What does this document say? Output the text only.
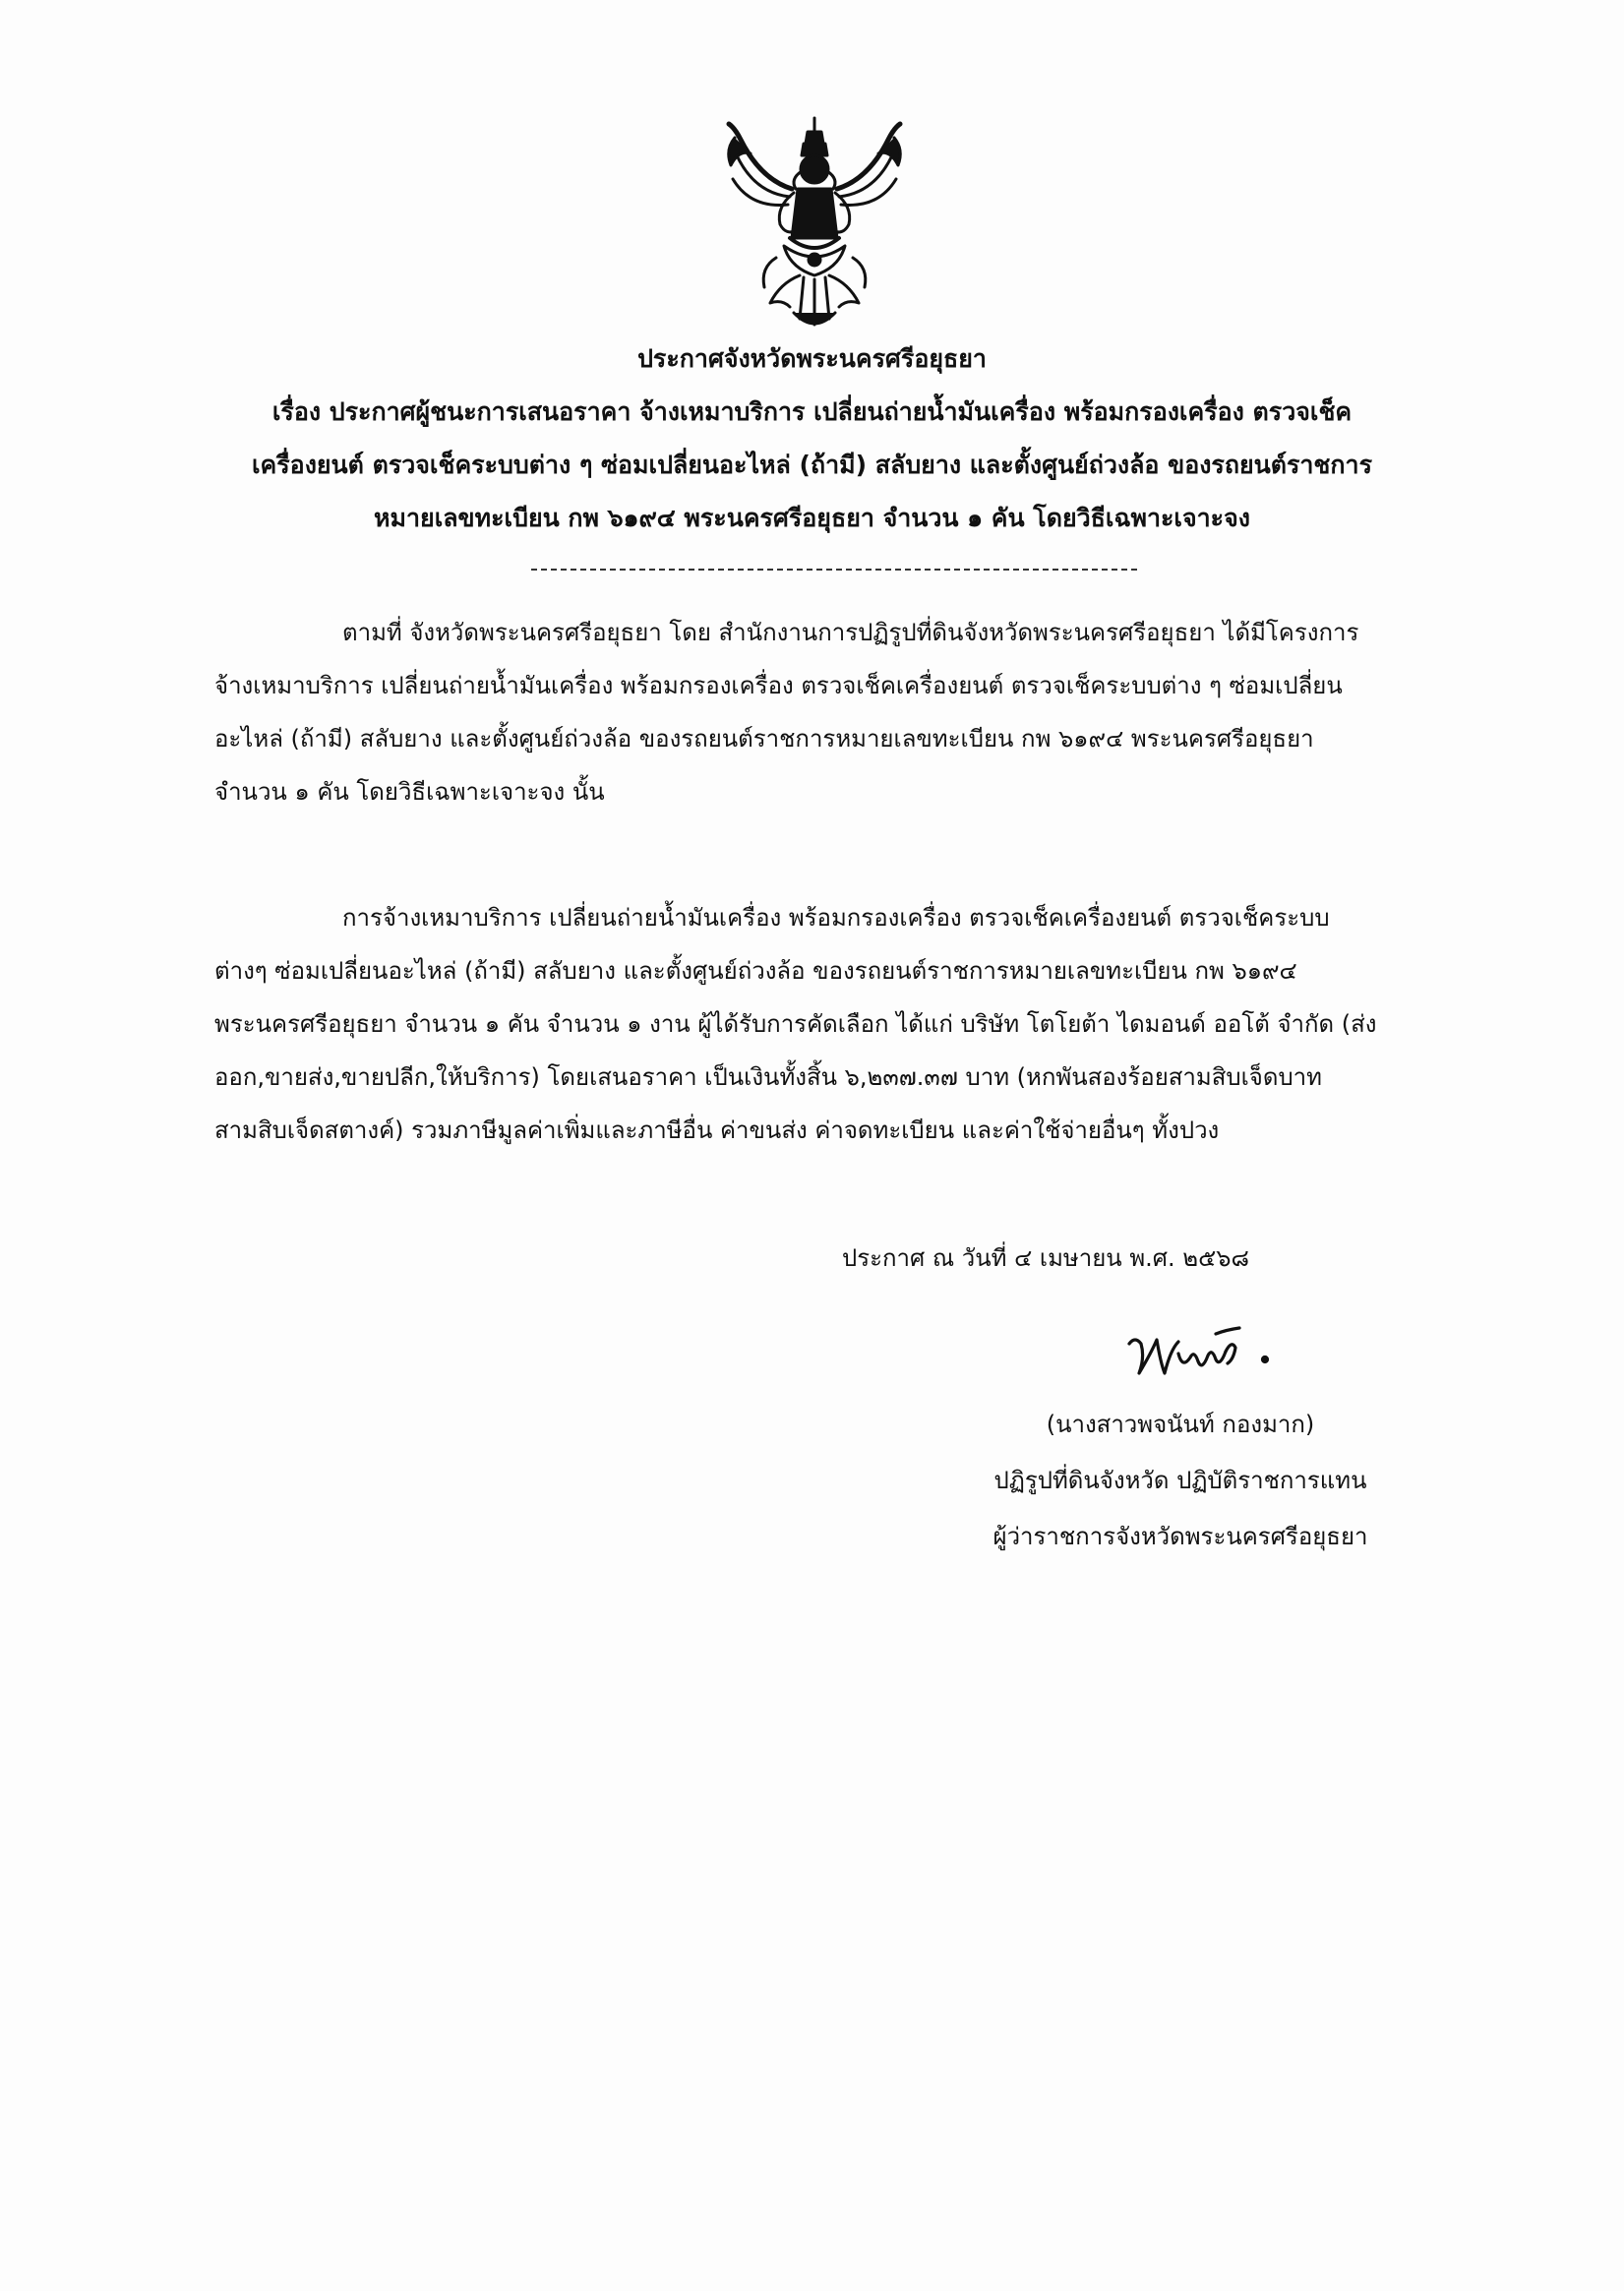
ประกาศจังหวัดพระนครศรีอยุธยา
เรื่อง ประกาศผู้ชนะการเสนอราคา จ้างเหมาบริการ เปลี่ยนถ่ายน้ำมันเครื่อง พร้อมกรองเครื่อง ตรวจเช็ค
เครื่องยนต์ ตรวจเช็คระบบต่าง ๆ ซ่อมเปลี่ยนอะไหล่ (ถ้ามี) สลับยาง และตั้งศูนย์ถ่วงล้อ ของรถยนต์ราชการ
หมายเลขทะเบียน กพ ๖๑๙๔ พระนครศรีอยุธยา จำนวน ๑ คัน โดยวิธีเฉพาะเจาะจง
ตามที่ จังหวัดพระนครศรีอยุธยา โดย สำนักงานการปฏิรูปที่ดินจังหวัดพระนครศรีอยุธยา ได้มีโครงการ
จ้างเหมาบริการ เปลี่ยนถ่ายน้ำมันเครื่อง พร้อมกรองเครื่อง ตรวจเช็คเครื่องยนต์ ตรวจเช็คระบบต่าง ๆ ซ่อมเปลี่ยน
อะไหล่ (ถ้ามี) สลับยาง และตั้งศูนย์ถ่วงล้อ ของรถยนต์ราชการหมายเลขทะเบียน กพ ๖๑๙๔ พระนครศรีอยุธยา
จำนวน ๑ คัน โดยวิธีเฉพาะเจาะจง นั้น
การจ้างเหมาบริการ เปลี่ยนถ่ายน้ำมันเครื่อง พร้อมกรองเครื่อง ตรวจเช็คเครื่องยนต์ ตรวจเช็คระบบ
ต่างๆ ซ่อมเปลี่ยนอะไหล่ (ถ้ามี) สลับยาง และตั้งศูนย์ถ่วงล้อ ของรถยนต์ราชการหมายเลขทะเบียน กพ ๖๑๙๔
พระนครศรีอยุธยา จำนวน ๑ คัน จำนวน ๑ งาน ผู้ได้รับการคัดเลือก ได้แก่ บริษัท โตโยต้า ไดมอนด์ ออโต้ จำกัด (ส่ง
ออก,ขายส่ง,ขายปลีก,ให้บริการ) โดยเสนอราคา เป็นเงินทั้งสิ้น ๖,๒๓๗.๓๗ บาท (หกพันสองร้อยสามสิบเจ็ดบาท
สามสิบเจ็ดสตางค์) รวมภาษีมูลค่าเพิ่มและภาษีอื่น ค่าขนส่ง ค่าจดทะเบียน และค่าใช้จ่ายอื่นๆ ทั้งปวง
ประกาศ ณ วันที่ ๔ เมษายน พ.ศ. ๒๕๖๘
(นางสาวพจนันท์ กองมาก)
ปฏิรูปที่ดินจังหวัด ปฏิบัติราชการแทน
ผู้ว่าราชการจังหวัดพระนครศรีอยุธยา
